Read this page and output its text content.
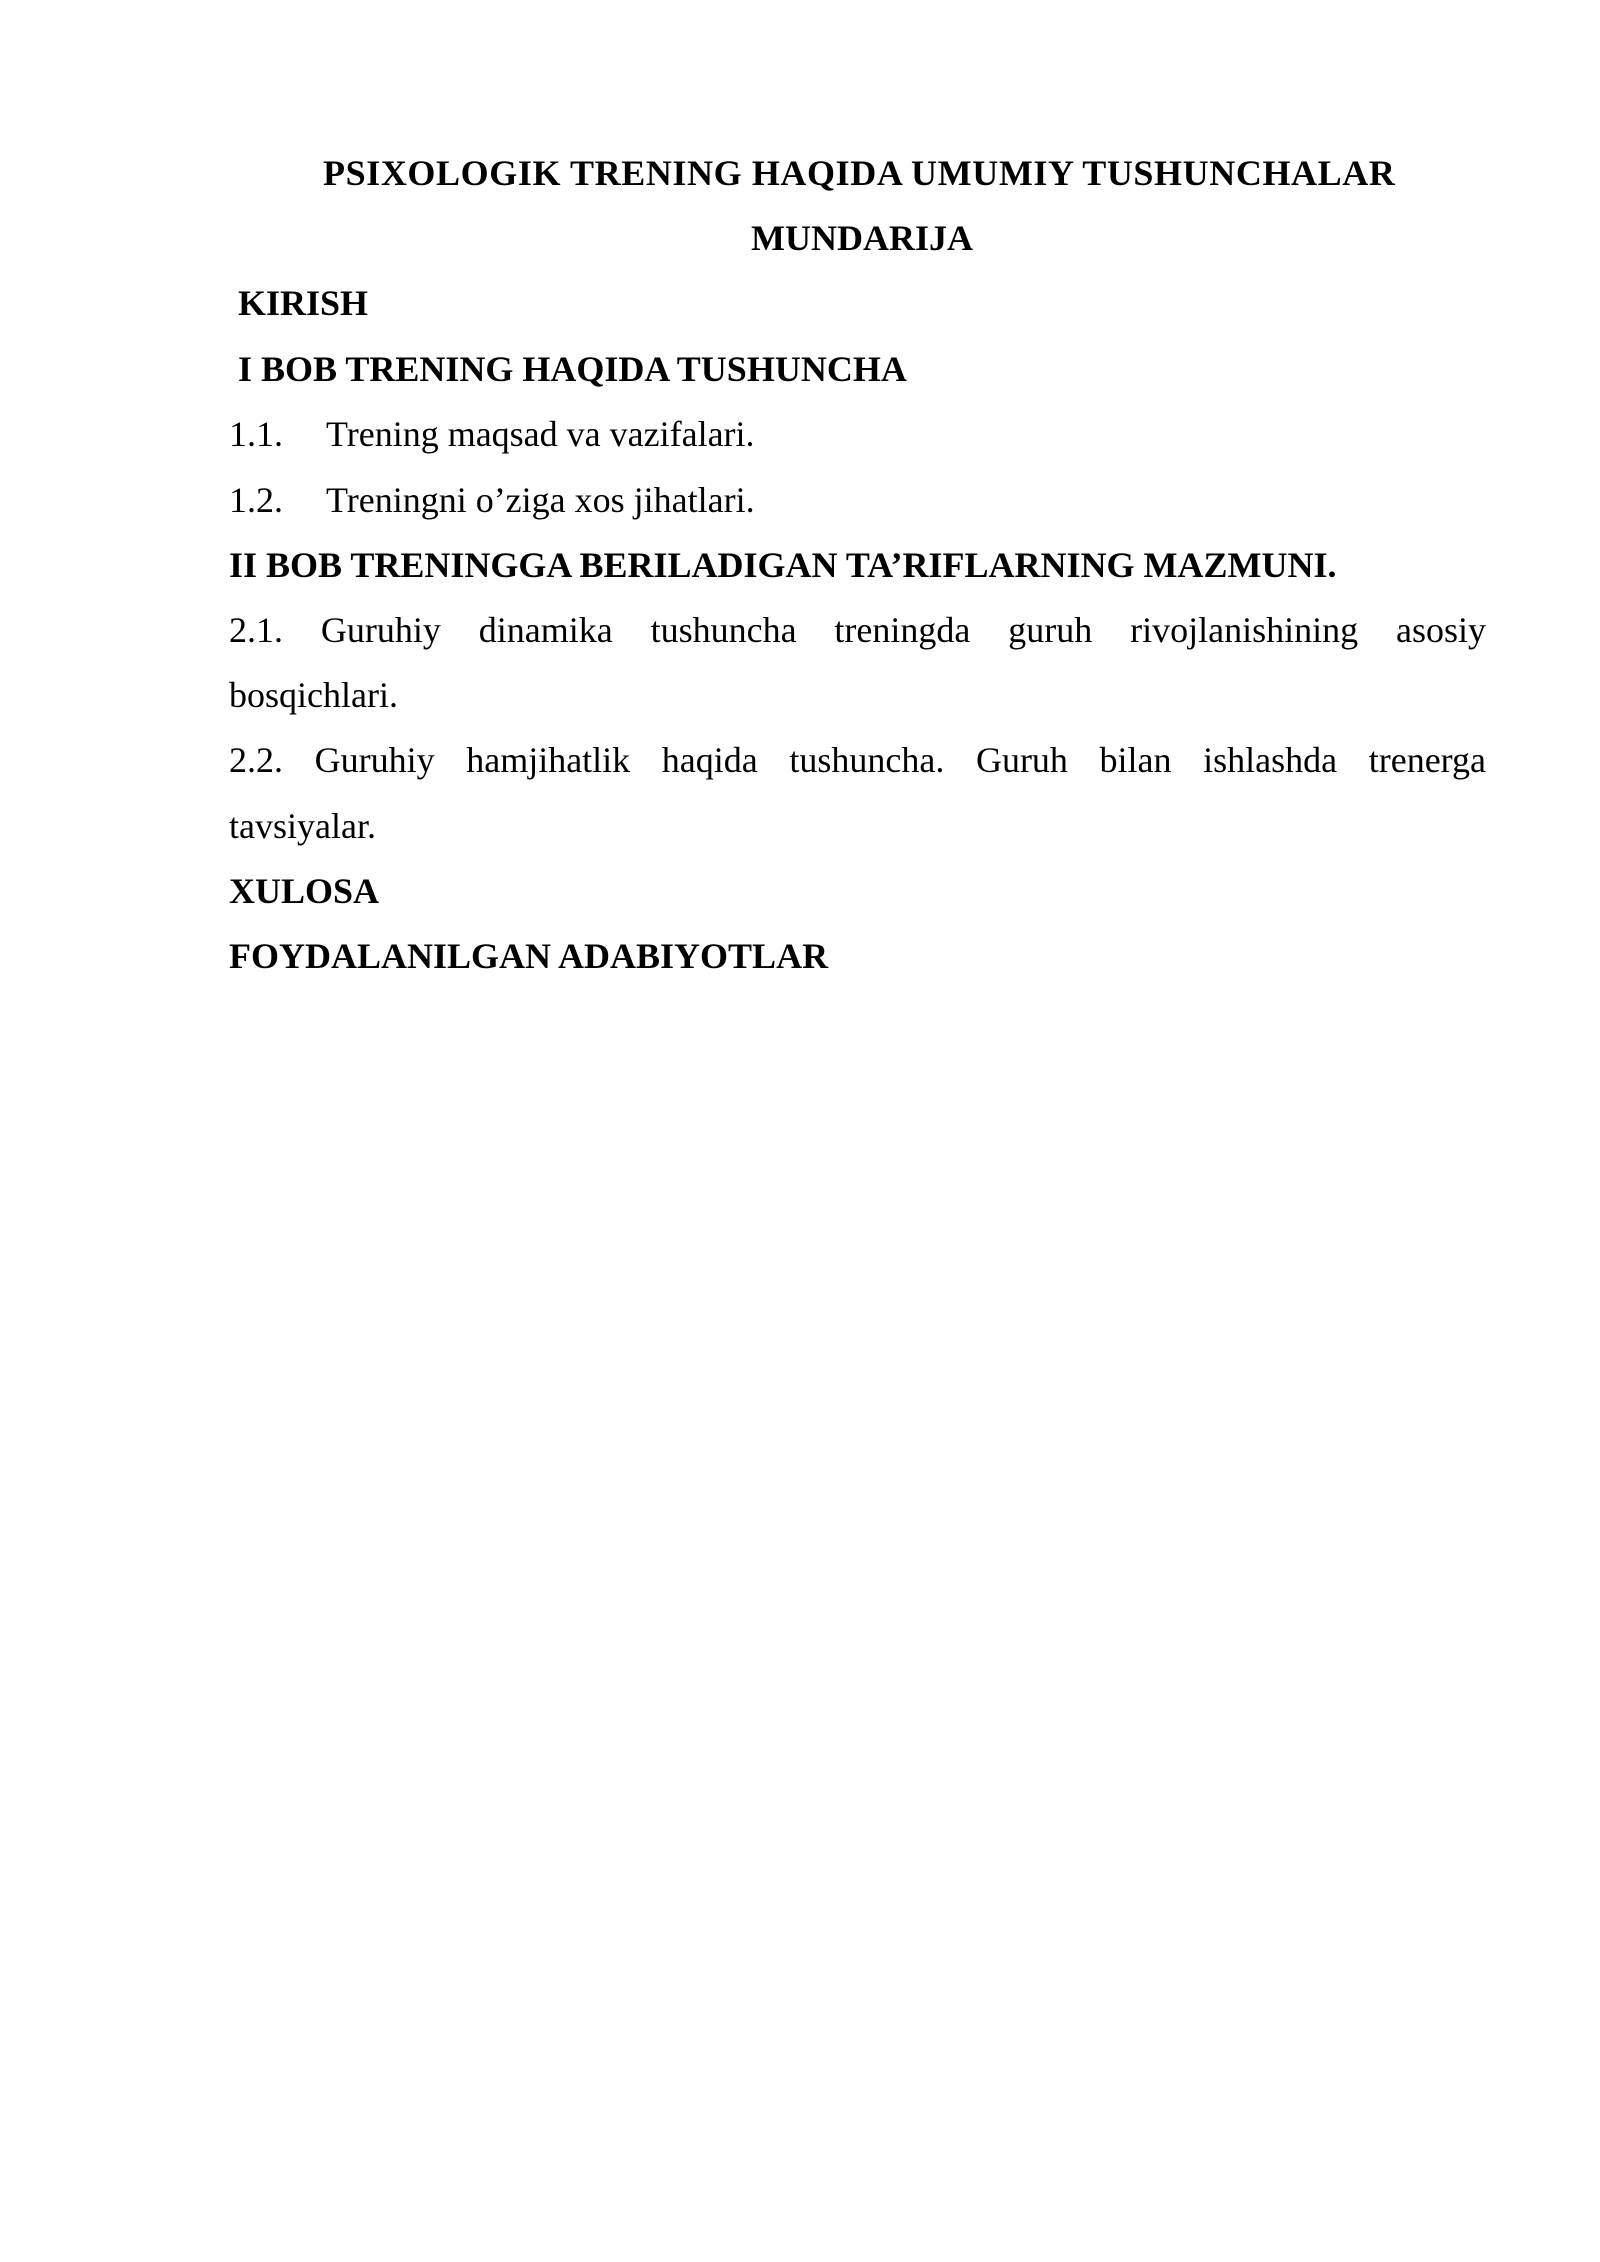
PSIXOLOGIK TRENING HAQIDA UMUMIY TUSHUNCHALAR
MUNDARIJA
KIRISH
I BOB TRENING HAQIDA TUSHUNCHA
1.1. Trening maqsad va vazifalari.
1.2. Treningni o’ziga xos jihatlari.
II BOB TRENINGGA BERILADIGAN TA’RIFLARNING MAZMUNI.
2.1. Guruhiy dinamika tushuncha treningda guruh rivojlanishining asosiy
bosqichlari.
2.2. Guruhiy hamjihatlik haqida tushuncha. Guruh bilan ishlashda trenerga
tavsiyalar.
XULOSA
FOYDALANILGAN ADABIYOTLAR
